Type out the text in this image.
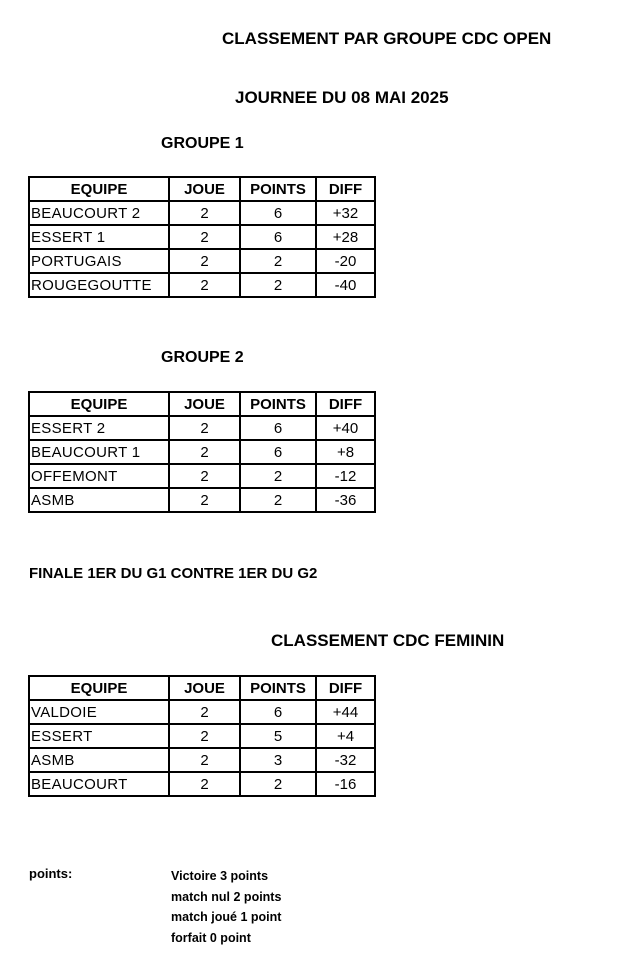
CLASSEMENT PAR GROUPE CDC OPEN
JOURNEE DU 08 MAI 2025
GROUPE 1
EQUIPE	JOUE	POINTS	DIFF
BEAUCOURT 2	2	6	+32
ESSERT 1	2	6	+28
PORTUGAIS	2	2	-20
ROUGEGOUTTE	2	2	-40
GROUPE 2
EQUIPE	JOUE	POINTS	DIFF
ESSERT 2	2	6	+40
BEAUCOURT 1	2	6	+8
OFFEMONT	2	2	-12
ASMB	2	2	-36
FINALE 1ER DU G1 CONTRE 1ER DU G2
CLASSEMENT CDC FEMININ
EQUIPE	JOUE	POINTS	DIFF
VALDOIE	2	6	+44
ESSERT	2	5	+4
ASMB	2	3	-32
BEAUCOURT	2	2	-16
points:	Victoire 3 points
match nul 2 points
match joué 1 point
forfait 0 point
